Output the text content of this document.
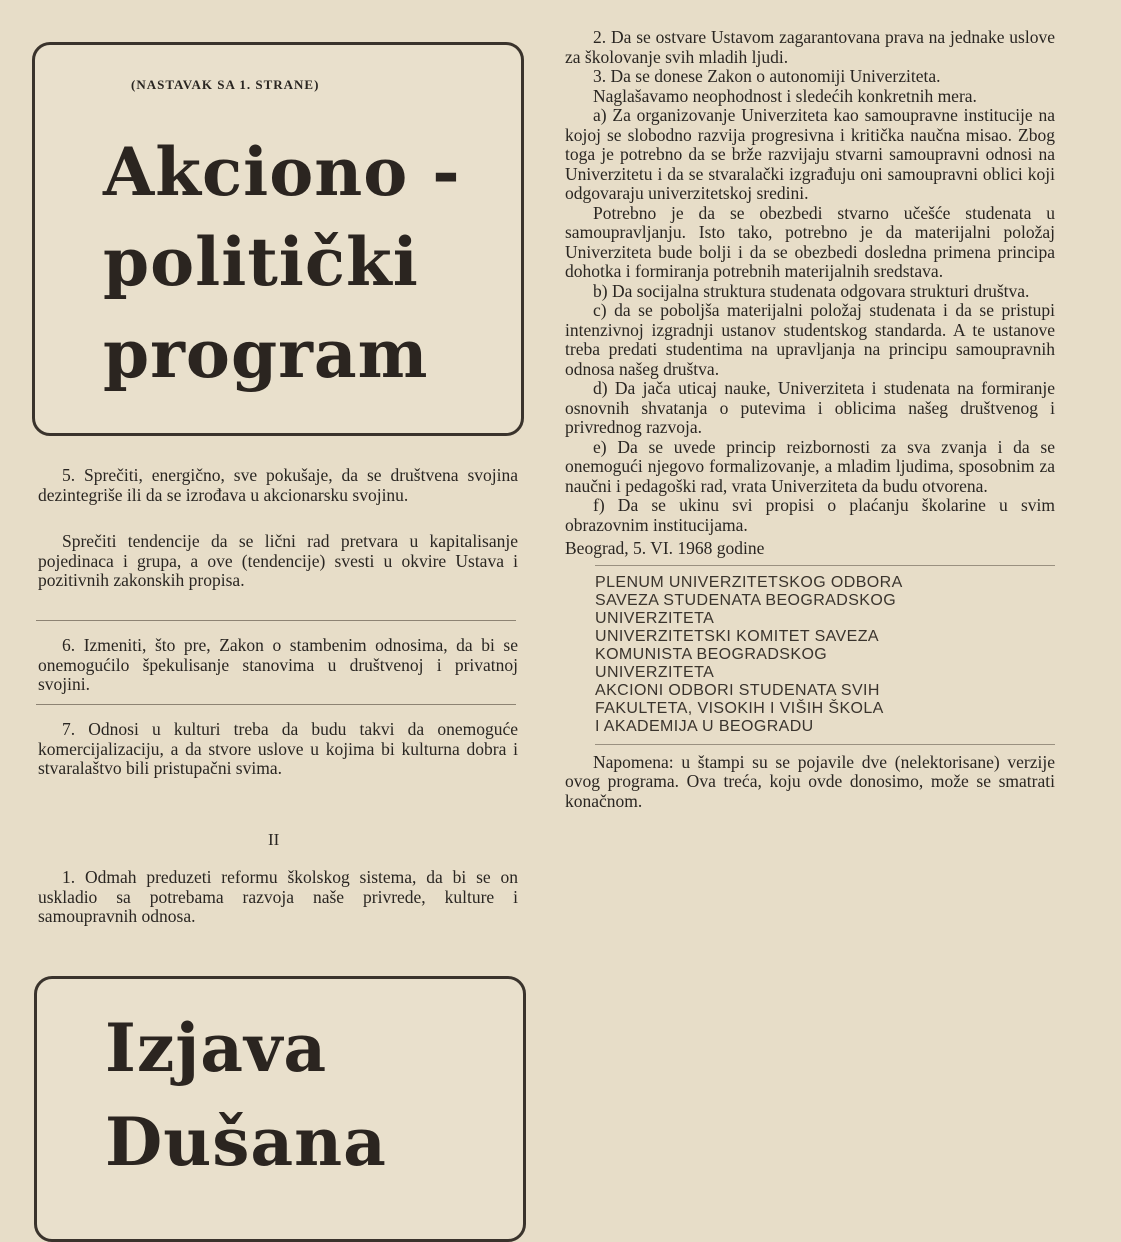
(NASTAVAK SA 1. STRANE)
Akciono -
politički
program

5. Sprečiti, energično, sve pokušaje, da se društvena svojina dezintegriše ili da se izrođava u akcionarsku svojinu.

Sprečiti tendencije da se lični rad pretvara u kapitalisanje pojedinaca i grupa, a ove (tendencije) svesti u okvire Ustava i pozitivnih zakonskih propisa.

6. Izmeniti, što pre, Zakon o stambenim odnosima, da bi se onemogućilo špekulisanje stanovima u društvenoj i privatnoj svojini.

7. Odnosi u kulturi treba da budu takvi da onemoguće komercijalizaciju, a da stvore uslove u kojima bi kulturna dobra i stvaralaštvo bili pristupačni svima.

II

1. Odmah preduzeti reformu školskog sistema, da bi se on uskladio sa potrebama razvoja naše privrede, kulture i samoupravnih odnosa.

Izjava
Dušana

2. Da se ostvare Ustavom zagarantovana prava na jednake uslove za školovanje svih mladih ljudi.

3. Da se donese Zakon o autonomiji Univerziteta.

Naglašavamo neophodnost i sledećih konkretnih mera.

a) Za organizovanje Univerziteta kao samoupravne institucije na kojoj se slobodno razvija progresivna i kritička naučna misao. Zbog toga je potrebno da se brže razvijaju stvarni samoupravni odnosi na Univerzitetu i da se stvaralački izgrađuju oni samoupravni oblici koji odgovaraju univerzitetskoj sredini.

Potrebno je da se obezbedi stvarno učešće studenata u samoupravljanju. Isto tako, potrebno je da materijalni položaj Univerziteta bude bolji i da se obezbedi dosledna primena principa dohotka i formiranja potrebnih materijalnih sredstava.

b) Da socijalna struktura studenata odgovara strukturi društva.

c) da se poboljša materijalni položaj studenata i da se pristupi intenzivnoj izgradnji ustanov studentskog standarda. A te ustanove treba predati studentima na upravljanja na principu samoupravnih odnosa našeg društva.

d) Da jača uticaj nauke, Univerziteta i studenata na formiranje osnovnih shvatanja o putevima i oblicima našeg društvenog i privrednog razvoja.

e) Da se uvede princip reizbornosti za sva zvanja i da se onemogući njegovo formalizovanje, a mladim ljudima, sposobnim za naučni i pedagoški rad, vrata Univerziteta da budu otvorena.

f) Da se ukinu svi propisi o plaćanju školarine u svim obrazovnim institucijama.

Beograd, 5. VI. 1968 godine

PLENUM UNIVERZITETSKOG ODBORA
SAVEZA STUDENATA BEOGRADSKOG
UNIVERZITETA
UNIVERZITETSKI KOMITET SAVEZA
KOMUNISTA BEOGRADSKOG
UNIVERZITETA
AKCIONI ODBORI STUDENATA SVIH
FAKULTETA, VISOKIH I VIŠIH ŠKOLA
I AKADEMIJA U BEOGRADU

Napomena: u štampi su se pojavile dve (nelektorisane) verzije ovog programa. Ova treća, koju ovde donosimo, može se smatrati konačnom.
